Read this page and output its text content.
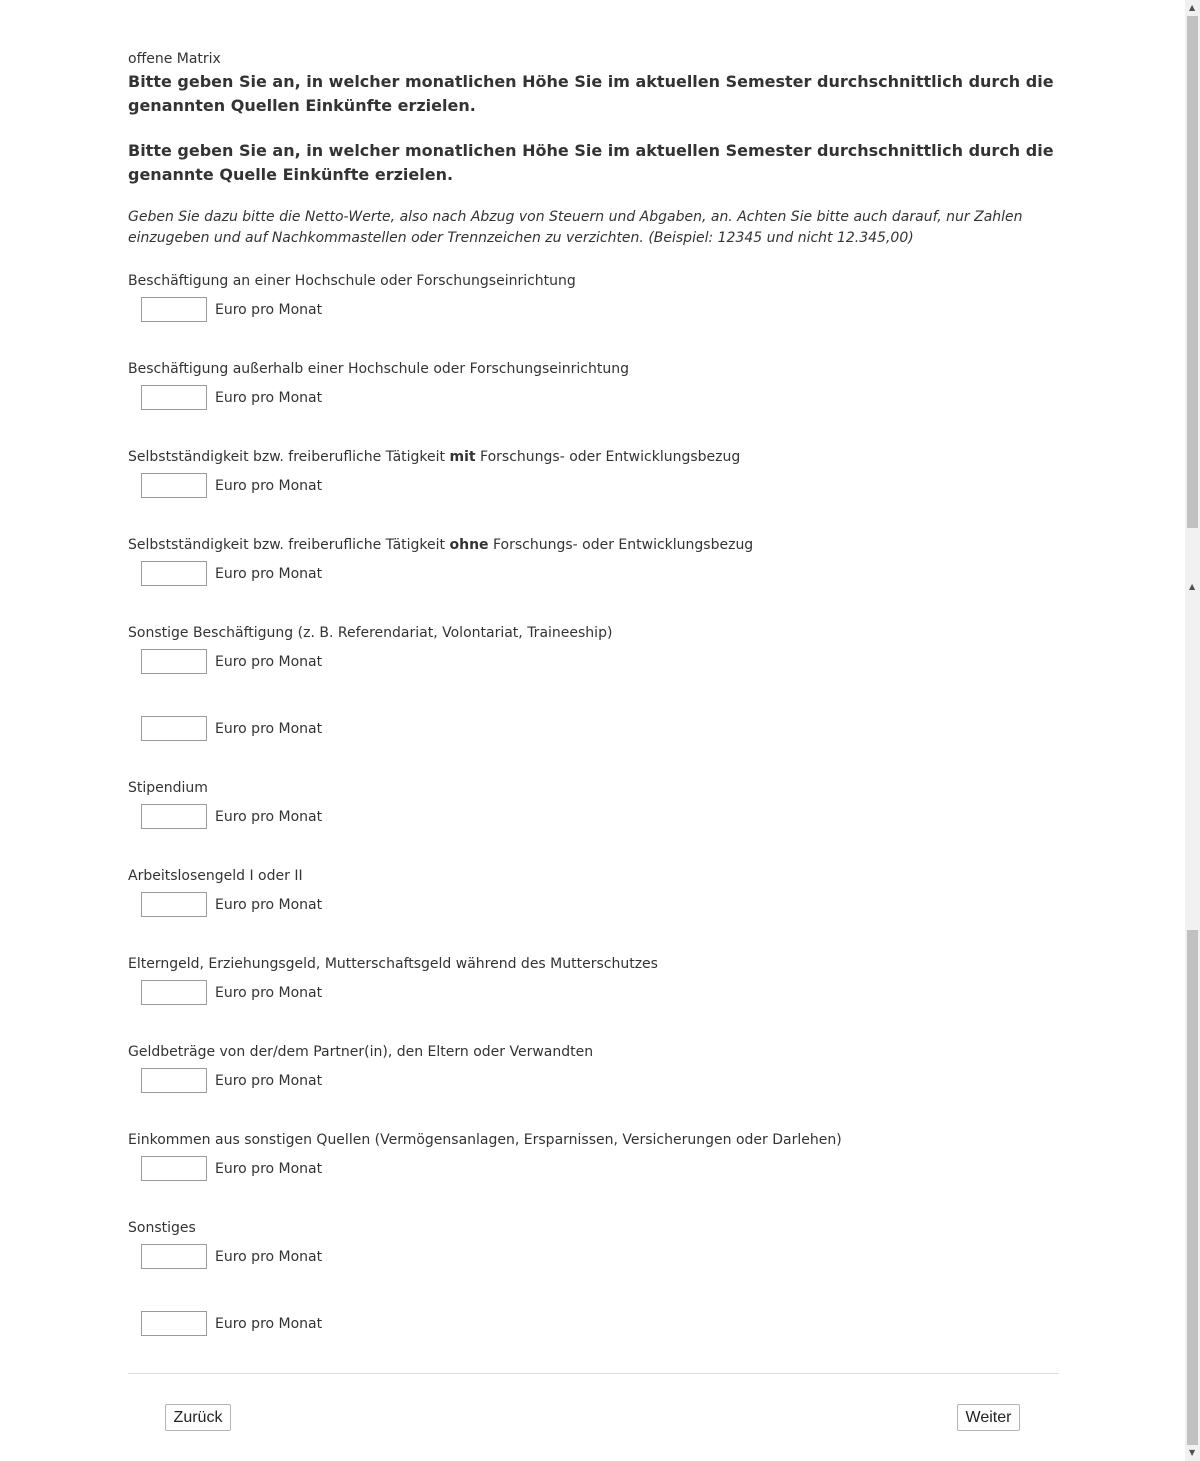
offene Matrix

Bitte geben Sie an, in welcher monatlichen Höhe Sie im aktuellen Semester durchschnittlich durch die genannten Quellen Einkünfte erzielen.

Bitte geben Sie an, in welcher monatlichen Höhe Sie im aktuellen Semester durchschnittlich durch die genannte Quelle Einkünfte erzielen.

Geben Sie dazu bitte die Netto-Werte, also nach Abzug von Steuern und Abgaben, an. Achten Sie bitte auch darauf, nur Zahlen einzugeben und auf Nachkommastellen oder Trennzeichen zu verzichten. (Beispiel: 12345 und nicht 12.345,00)
Beschäftigung an einer Hochschule oder Forschungseinrichtung
Euro pro Monat
Beschäftigung außerhalb einer Hochschule oder Forschungseinrichtung
Euro pro Monat
Selbstständigkeit bzw. freiberufliche Tätigkeit mit Forschungs- oder Entwicklungsbezug
Euro pro Monat
Selbstständigkeit bzw. freiberufliche Tätigkeit ohne Forschungs- oder Entwicklungsbezug
Euro pro Monat
Sonstige Beschäftigung (z. B. Referendariat, Volontariat, Traineeship)
Euro pro Monat
Euro pro Monat
Stipendium
Euro pro Monat
Arbeitslosengeld I oder II
Euro pro Monat
Elterngeld, Erziehungsgeld, Mutterschaftsgeld während des Mutterschutzes
Euro pro Monat
Geldbeträge von der/dem Partner(in), den Eltern oder Verwandten
Euro pro Monat
Einkommen aus sonstigen Quellen (Vermögensanlagen, Ersparnissen, Versicherungen oder Darlehen)
Euro pro Monat
Sonstiges
Euro pro Monat
Euro pro Monat
Zurück	Weiter
▲
▲
▼
